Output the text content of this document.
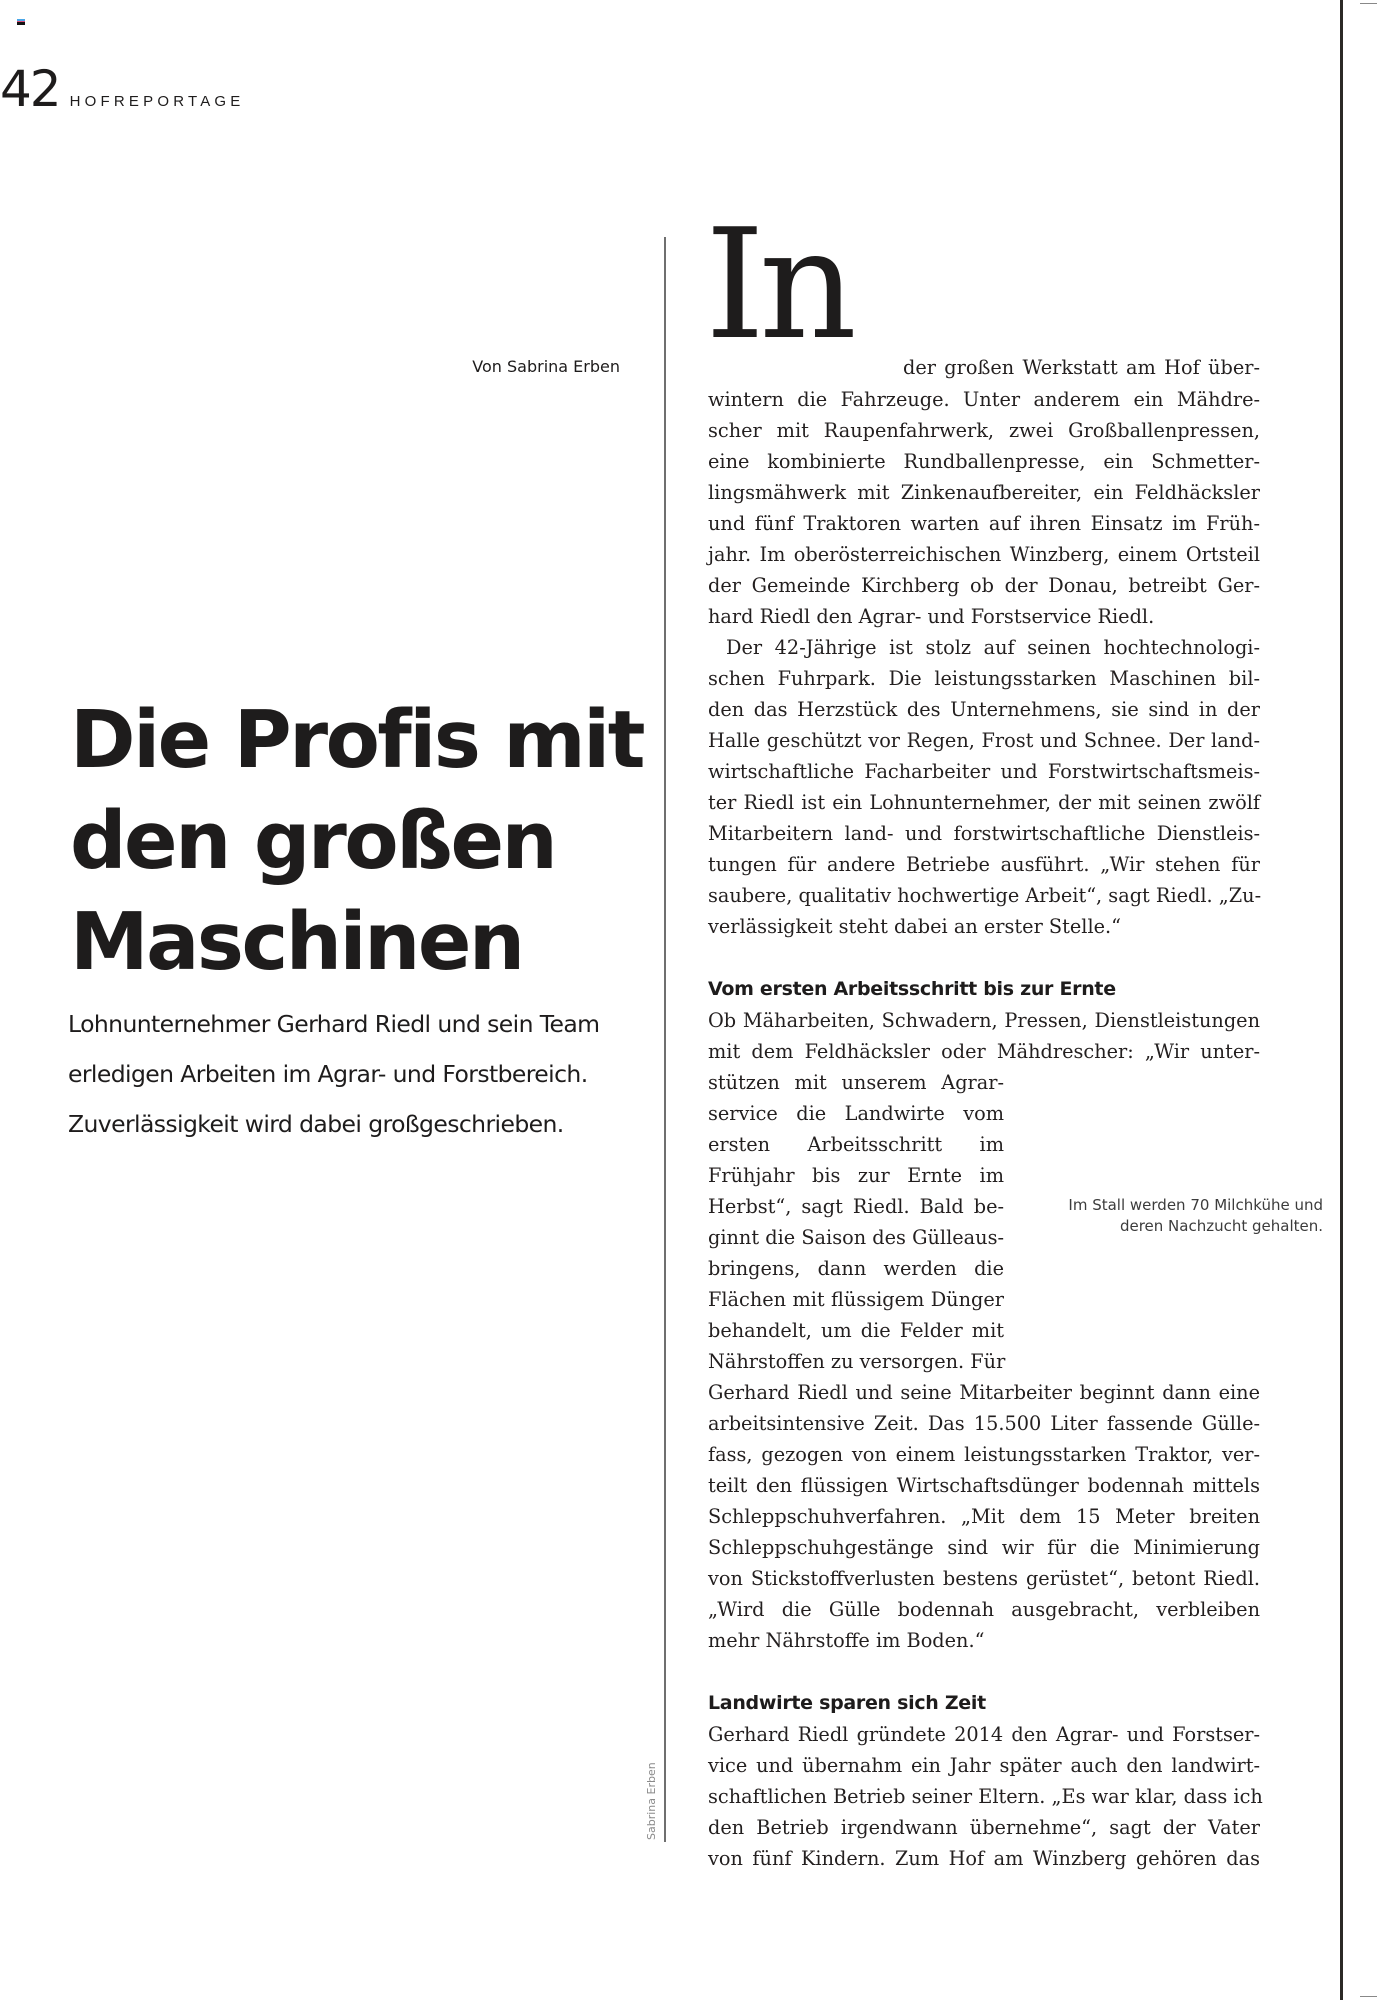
42 HOFREPORTAGE
Von Sabrina Erben
Die Profis mit
den großen
Maschinen
Lohnunternehmer Gerhard Riedl und sein Team
erledigen Arbeiten im Agrar- und Forstbereich.
Zuverlässigkeit wird dabei großgeschrieben.
Sabrina Erben
In	der großen Werkstatt am Hof über-
wintern die Fahrzeuge. Unter anderem ein Mähdre-
scher mit Raupenfahrwerk, zwei Großballenpressen,
eine kombinierte Rundballenpresse, ein Schmetter-
lingsmähwerk mit Zinkenaufbereiter, ein Feldhäcksler
und fünf Traktoren warten auf ihren Einsatz im Früh-
jahr. Im oberösterreichischen Winzberg, einem Ortsteil
der Gemeinde Kirchberg ob der Donau, betreibt Ger-
hard Riedl den Agrar- und Forstservice Riedl.
Der 42-Jährige ist stolz auf seinen hochtechnologi-
schen Fuhrpark. Die leistungsstarken Maschinen bil-
den das Herzstück des Unternehmens, sie sind in der
Halle geschützt vor Regen, Frost und Schnee. Der land-
wirtschaftliche Facharbeiter und Forstwirtschaftsmeis-
ter Riedl ist ein Lohnunternehmer, der mit seinen zwölf
Mitarbeitern land- und forstwirtschaftliche Dienstleis-
tungen für andere Betriebe ausführt. „Wir stehen für
saubere, qualitativ hochwertige Arbeit“, sagt Riedl. „Zu-
verlässigkeit steht dabei an erster Stelle.“
Vom ersten Arbeitsschritt bis zur Ernte
Ob Mäharbeiten, Schwadern, Pressen, Dienstleistungen
mit dem Feldhäcksler oder Mähdrescher: „Wir unter-
stützen mit unserem Agrar-
service die Landwirte vom
ersten Arbeitsschritt im
Frühjahr bis zur Ernte im
Herbst“, sagt Riedl. Bald be-
ginnt die Saison des Gülleaus-
bringens, dann werden die
Flächen mit flüssigem Dünger
behandelt, um die Felder mit
Nährstoffen zu versorgen. Für
Gerhard Riedl und seine Mitarbeiter beginnt dann eine
arbeitsintensive Zeit. Das 15.500 Liter fassende Gülle-
fass, gezogen von einem leistungsstarken Traktor, ver-
teilt den flüssigen Wirtschaftsdünger bodennah mittels
Schleppschuhverfahren. „Mit dem 15 Meter breiten
Schleppschuhgestänge sind wir für die Minimierung
von Stickstoffverlusten bestens gerüstet“, betont Riedl.
„Wird die Gülle bodennah ausgebracht, verbleiben
mehr Nährstoffe im Boden.“
Landwirte sparen sich Zeit
Gerhard Riedl gründete 2014 den Agrar- und Forstser-
vice und übernahm ein Jahr später auch den landwirt-
schaftlichen Betrieb seiner Eltern. „Es war klar, dass ich
den Betrieb irgendwann übernehme“, sagt der Vater
von fünf Kindern. Zum Hof am Winzberg gehören das
Im Stall werden 70 Milchkühe und
deren Nachzucht gehalten.
